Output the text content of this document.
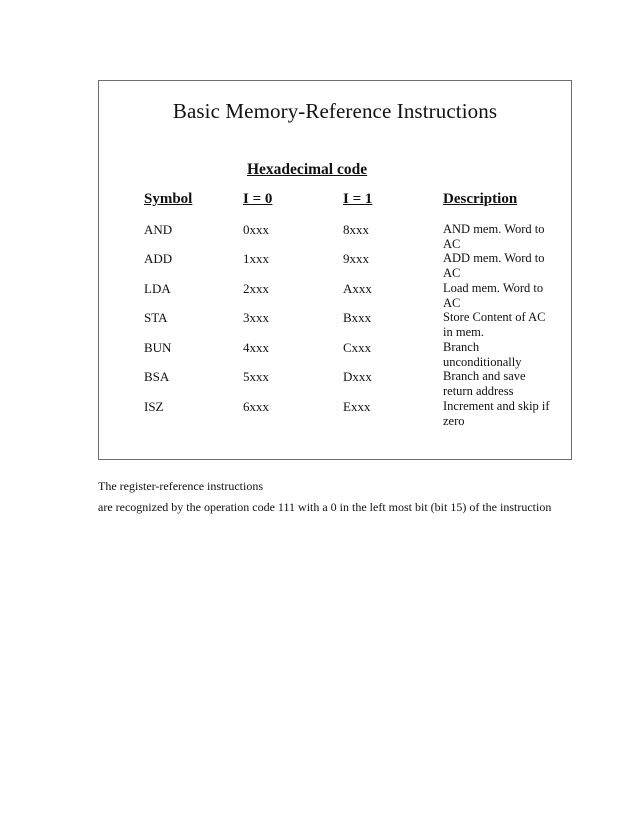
Basic Memory-Reference Instructions
Hexadecimal code
Symbol	I = 0	I = 1	Description
AND	0xxx	8xxx	AND mem. Word to AC
ADD	1xxx	9xxx	ADD mem. Word to AC
LDA	2xxx	Axxx	Load mem. Word to AC
STA	3xxx	Bxxx	Store Content of AC in mem.
BUN	4xxx	Cxxx	Branch unconditionally
BSA	5xxx	Dxxx	Branch and save return address
ISZ	6xxx	Exxx	Increment and skip if zero
The register-reference instructions
are recognized by the operation code 111 with a 0 in the left most bit (bit 15) of the instruction
